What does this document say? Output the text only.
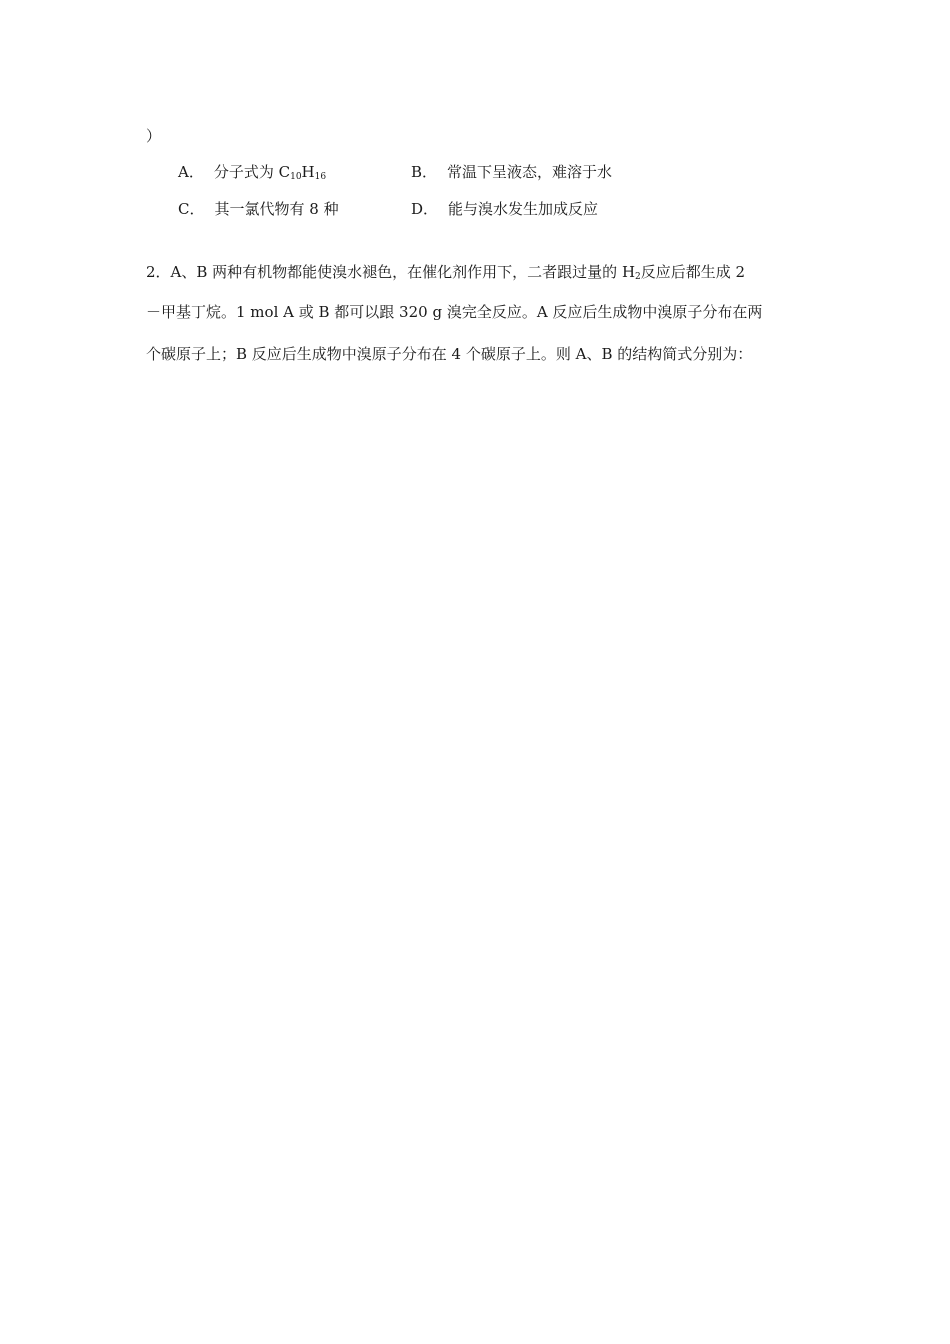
）
A． 分子式为 $C_{10}H_{16}$	B． 常温下呈液态，难溶于水
C． 其一氯代物有 8 种	D． 能与溴水发生加成反应
2．A、B 两种有机物都能使溴水褪色，在催化剂作用下，二者跟过量的 $H_2$反应后都生成 2
－甲基丁烷。1 mol A 或 B 都可以跟 320 g 溴完全反应。A 反应后生成物中溴原子分布在两
个碳原子上；B 反应后生成物中溴原子分布在 4 个碳原子上。则 A、B 的结构简式分别为：
